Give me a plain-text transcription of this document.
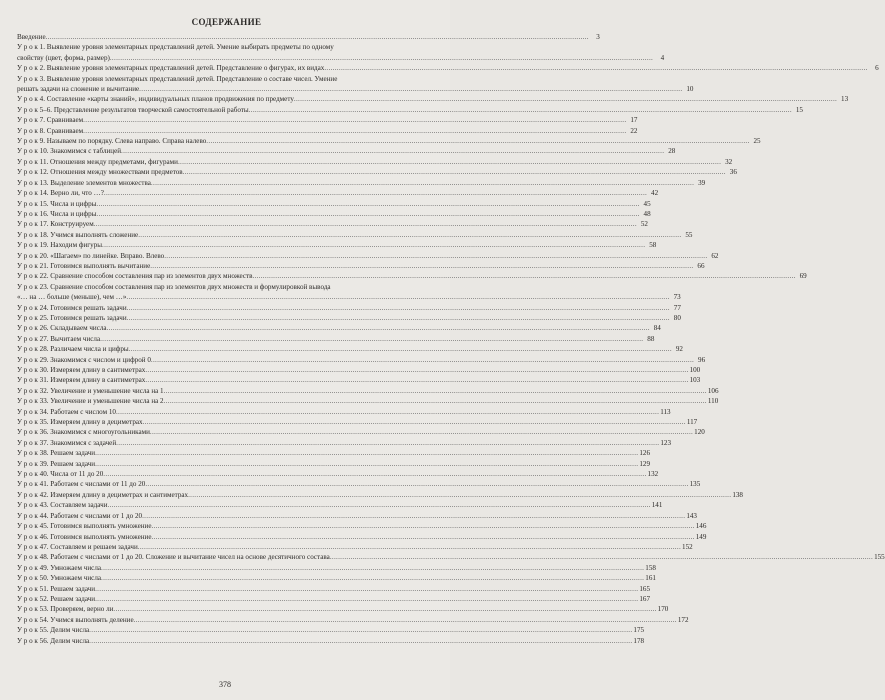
СОДЕРЖАНИЕ
Введение .....	3
У р о к 1. Выявление уровня элементарных представлений детей. Умение выбирать предметы по одному
свойству (цвет, форма, размер) .....	4
У р о к 2. Выявление уровня элементарных представлений детей. Представление о фигурах, их видах .....	6
У р о к 3. Выявление уровня элементарных представлений детей. Представление о составе чисел. Умение
решать задачи на сложение и вычитание .....	10
У р о к 4. Составление «карты знаний», индивидуальных планов продвижения по предмету .....	13
У р о к 5–6. Представление результатов творческой самостоятельной работы .....	15
У р о к 7. Сравниваем .....	17
У р о к 8. Сравниваем .....	22
У р о к 9. Называем по порядку. Слева направо. Справа налево .....	25
У р о к 10. Знакомимся с таблицей .....	28
У р о к 11. Отношения между предметами, фигурами .....	32
У р о к 12. Отношения между множествами предметов .....	36
У р о к 13. Выделение элементов множества .....	39
У р о к 14. Верно ли, что …? .....	42
У р о к 15. Числа и цифры .....	45
У р о к 16. Числа и цифры .....	48
У р о к 17. Конструируем .....	52
У р о к 18. Учимся выполнять сложение .....	55
У р о к 19. Находим фигуры .....	58
У р о к 20. «Шагаем» по линейке. Вправо. Влево .....	62
У р о к 21. Готовимся выполнять вычитание .....	66
У р о к 22. Сравнение способом составления пар из элементов двух множеств .....	69
У р о к 23. Сравнение способом составления пар из элементов двух множеств и формулировкой вывода
«… на … больше (меньше), чем …» .....	73
У р о к 24. Готовимся решать задачи .....	77
У р о к 25. Готовимся решать задачи .....	80
У р о к 26. Складываем числа .....	84
У р о к 27. Вычитаем числа .....	88
У р о к 28. Различаем числа и цифры .....	92
У р о к 29. Знакомимся с числом и цифрой 0 .....	96
У р о к 30. Измеряем длину в сантиметрах .....	100
У р о к 31. Измеряем длину в сантиметрах .....	103
У р о к 32. Увеличение и уменьшение числа на 1 .....	106
У р о к 33. Увеличение и уменьшение числа на 2 .....	110
У р о к 34. Работаем с числом 10 .....	113
У р о к 35. Измеряем длину в дециметрах .....	117
У р о к 36. Знакомимся с многоугольниками .....	120
У р о к 37. Знакомимся с задачей .....	123
У р о к 38. Решаем задачи .....	126
У р о к 39. Решаем задачи .....	129
У р о к 40. Числа от 11 до 20 .....	132
У р о к 41. Работаем с числами от 11 до 20 .....	135
У р о к 42. Измеряем длину в дециметрах и сантиметрах .....	138
У р о к 43. Составляем задачи .....	141
У р о к 44. Работаем с числами от 1 до 20 .....	143
У р о к 45. Готовимся выполнять умножение .....	146
У р о к 46. Готовимся выполнять умножение .....	149
У р о к 47. Составляем и решаем задачи .....	152
У р о к 48. Работаем с числами от 1 до 20. Сложение и вычитание чисел на основе десятичного состава .....	155
У р о к 49. Умножаем числа .....	158
У р о к 50. Умножаем числа .....	161
У р о к 51. Решаем задачи .....	165
У р о к 52. Решаем задачи .....	167
У р о к 53. Проверяем, верно ли .....	170
У р о к 54. Учимся выполнять деление .....	172
У р о к 55. Делим числа .....	175
У р о к 56. Делим числа .....	178
378
